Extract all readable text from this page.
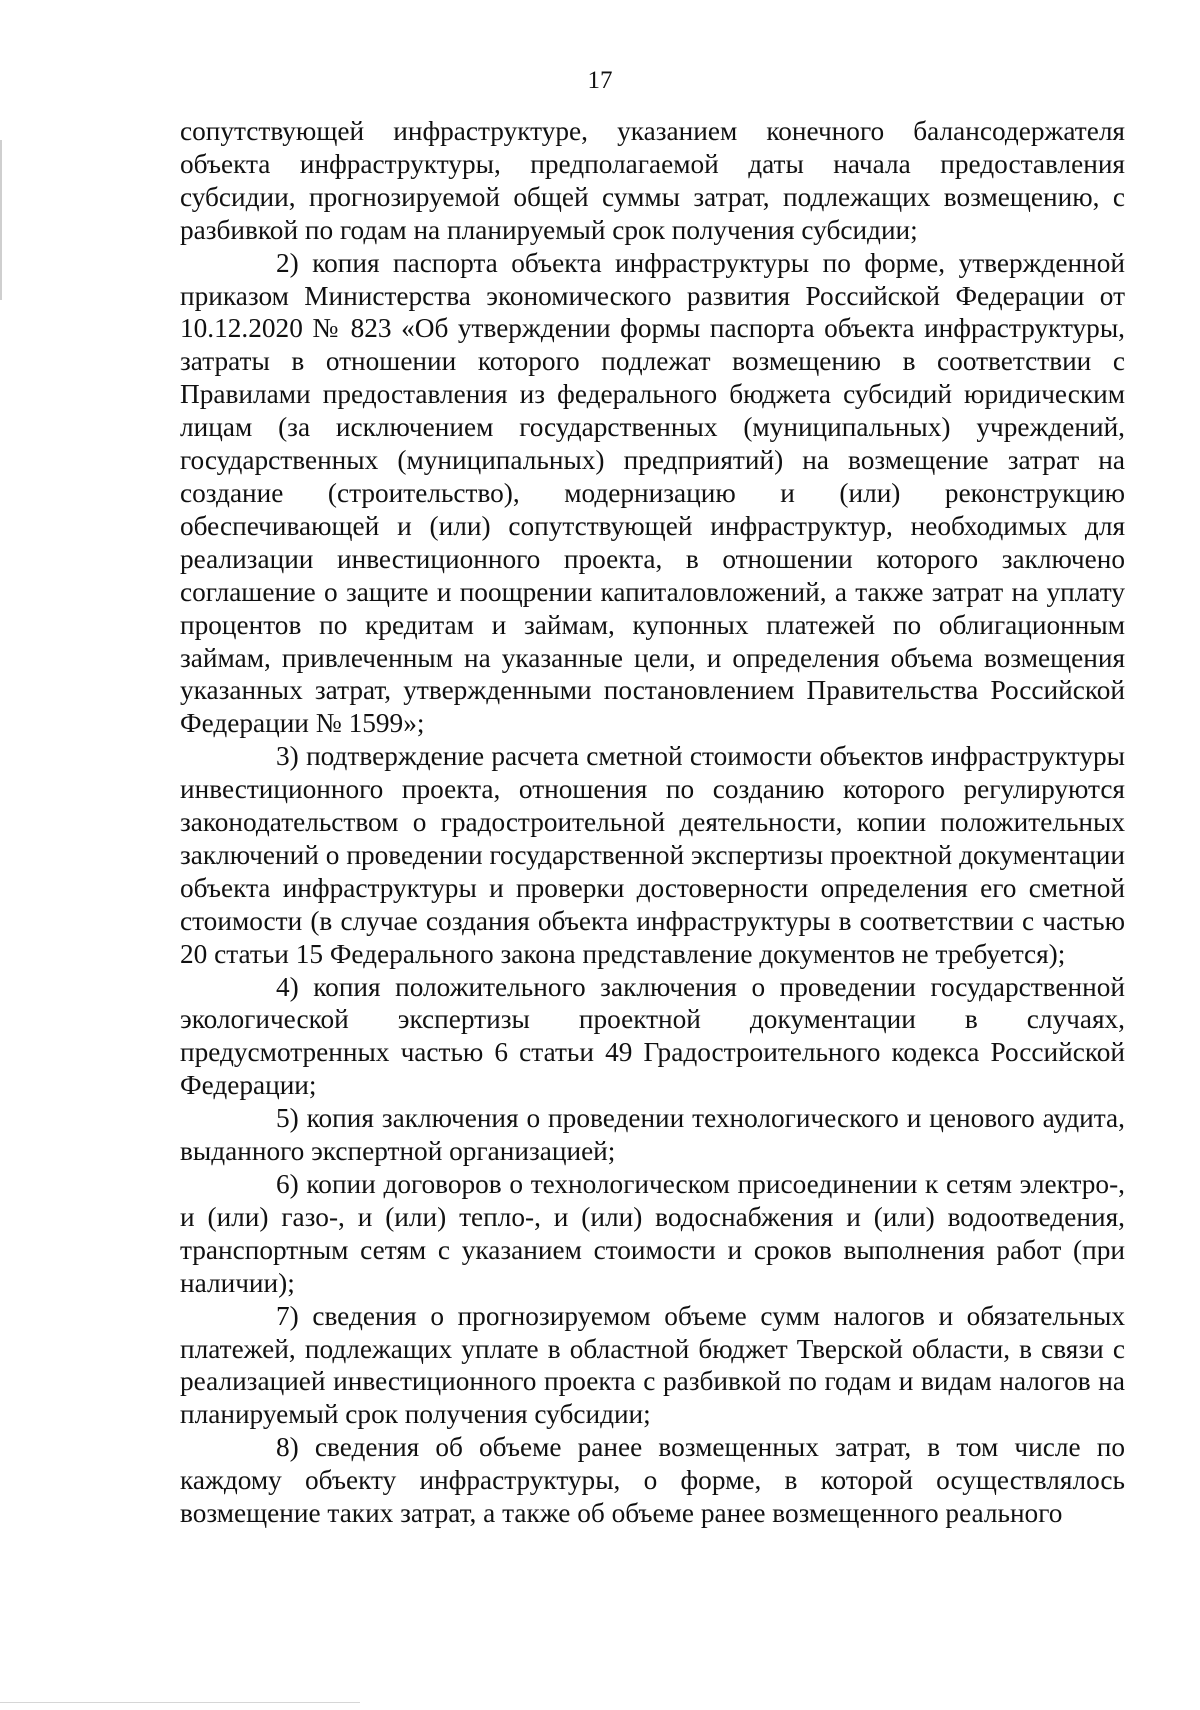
17

сопутствующей инфраструктуре, указанием конечного балансодержателя объекта инфраструктуры, предполагаемой даты начала предоставления субсидии, прогнозируемой общей суммы затрат, подлежащих возмещению, с разбивкой по годам на планируемый срок получения субсидии;

2) копия паспорта объекта инфраструктуры по форме, утвержденной приказом Министерства экономического развития Российской Федерации от 10.12.2020 № 823 «Об утверждении формы паспорта объекта инфраструктуры, затраты в отношении которого подлежат возмещению в соответствии с Правилами предоставления из федерального бюджета субсидий юридическим лицам (за исключением государственных (муниципальных) учреждений, государственных (муниципальных) предприятий) на возмещение затрат на создание (строительство), модернизацию и (или) реконструкцию обеспечивающей и (или) сопутствующей инфраструктур, необходимых для реализации инвестиционного проекта, в отношении которого заключено соглашение о защите и поощрении капиталовложений, а также затрат на уплату процентов по кредитам и займам, купонных платежей по облигационным займам, привлеченным на указанные цели, и определения объема возмещения указанных затрат, утвержденными постановлением Правительства Российской Федерации № 1599»;

3) подтверждение расчета сметной стоимости объектов инфраструктуры инвестиционного проекта, отношения по созданию которого регулируются законодательством о градостроительной деятельности, копии положительных заключений о проведении государственной экспертизы проектной документации объекта инфраструктуры и проверки достоверности определения его сметной стоимости (в случае создания объекта инфраструктуры в соответствии с частью 20 статьи 15 Федерального закона представление документов не требуется);

4) копия положительного заключения о проведении государственной экологической экспертизы проектной документации в случаях, предусмотренных частью 6 статьи 49 Градостроительного кодекса Российской Федерации;

5) копия заключения о проведении технологического и ценового аудита, выданного экспертной организацией;

6) копии договоров о технологическом присоединении к сетям электро-, и (или) газо-, и (или) тепло-, и (или) водоснабжения и (или) водоотведения, транспортным сетям с указанием стоимости и сроков выполнения работ (при наличии);

7) сведения о прогнозируемом объеме сумм налогов и обязательных платежей, подлежащих уплате в областной бюджет Тверской области, в связи с реализацией инвестиционного проекта с разбивкой по годам и видам налогов на планируемый срок получения субсидии;

8) сведения об объеме ранее возмещенных затрат, в том числе по каждому объекту инфраструктуры, о форме, в которой осуществлялось возмещение таких затрат, а также об объеме ранее возмещенного реального
